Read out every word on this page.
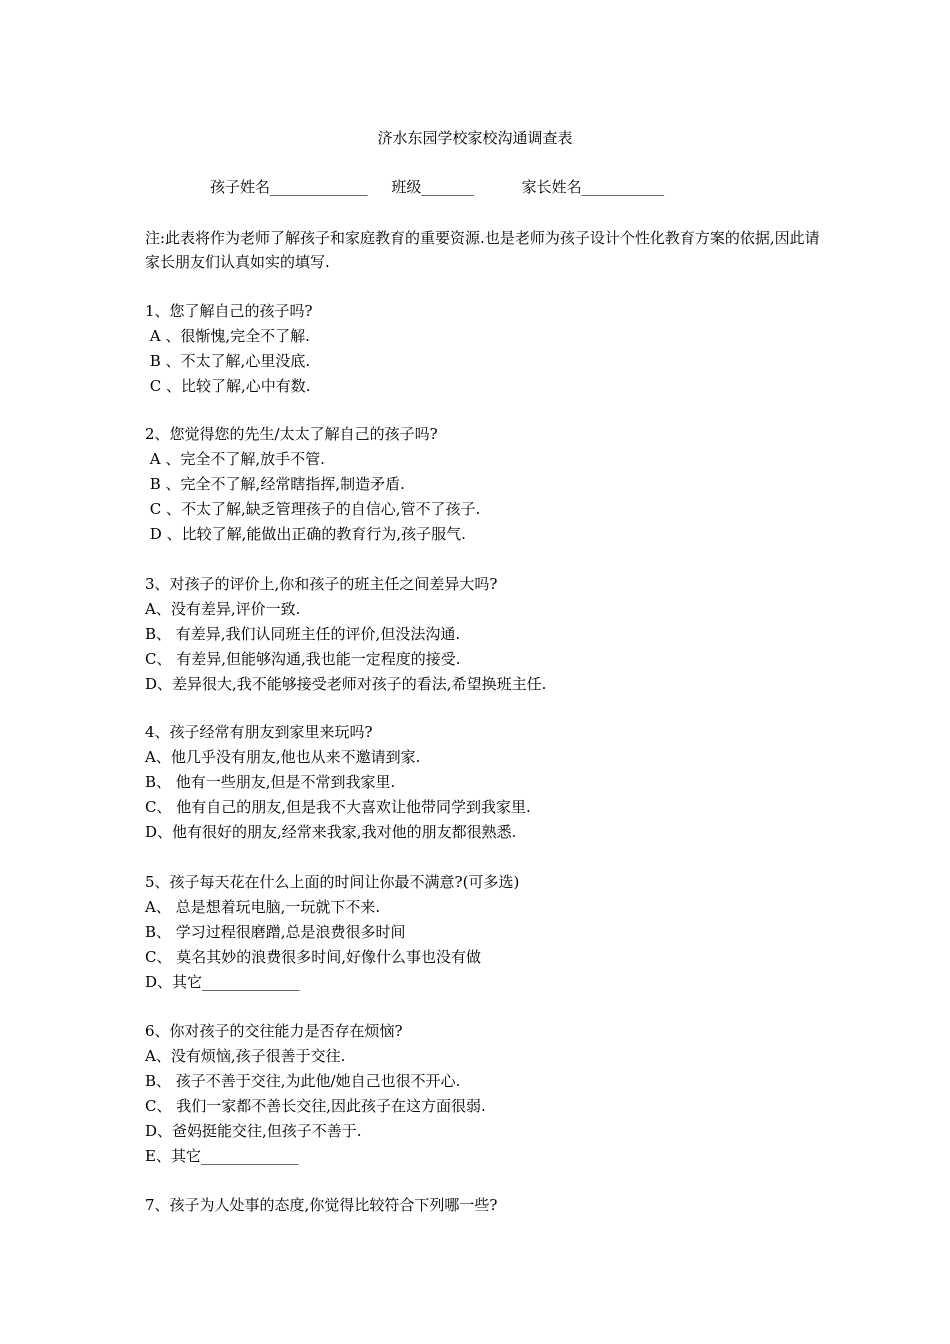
济水东园学校家校沟通调查表
孩子姓名_____________ 班级_______	家长姓名___________
注:此表将作为老师了解孩子和家庭教育的重要资源.也是老师为孩子设计个性化教育方案的依据,因此请家长朋友们认真如实的填写.
1、您了解自己的孩子吗?
A 、很惭愧,完全不了解.
B 、不太了解,心里没底.
C 、比较了解,心中有数.
2、您觉得您的先生/太太了解自己的孩子吗?
A 、完全不了解,放手不管.
B 、完全不了解,经常瞎指挥,制造矛盾.
C 、不太了解,缺乏管理孩子的自信心,管不了孩子.
D 、比较了解,能做出正确的教育行为,孩子服气.
3、对孩子的评价上,你和孩子的班主任之间差异大吗?
A、没有差异,评价一致.
B、 有差异,我们认同班主任的评价,但没法沟通.
C、 有差异,但能够沟通,我也能一定程度的接受.
D、差异很大,我不能够接受老师对孩子的看法,希望换班主任.
4、孩子经常有朋友到家里来玩吗?
A、他几乎没有朋友,他也从来不邀请到家.
B、 他有一些朋友,但是不常到我家里.
C、 他有自己的朋友,但是我不大喜欢让他带同学到我家里.
D、他有很好的朋友,经常来我家,我对他的朋友都很熟悉.
5、孩子每天花在什么上面的时间让你最不满意?(可多选)
A、 总是想着玩电脑,一玩就下不来.
B、 学习过程很磨蹭,总是浪费很多时间
C、 莫名其妙的浪费很多时间,好像什么事也没有做
D、其它_____________
6、你对孩子的交往能力是否存在烦恼?
A、没有烦恼,孩子很善于交往.
B、 孩子不善于交往,为此他/她自己也很不开心.
C、 我们一家都不善长交往,因此孩子在这方面很弱.
D、爸妈挺能交往,但孩子不善于.
E、其它_____________
7、孩子为人处事的态度,你觉得比较符合下列哪一些?
